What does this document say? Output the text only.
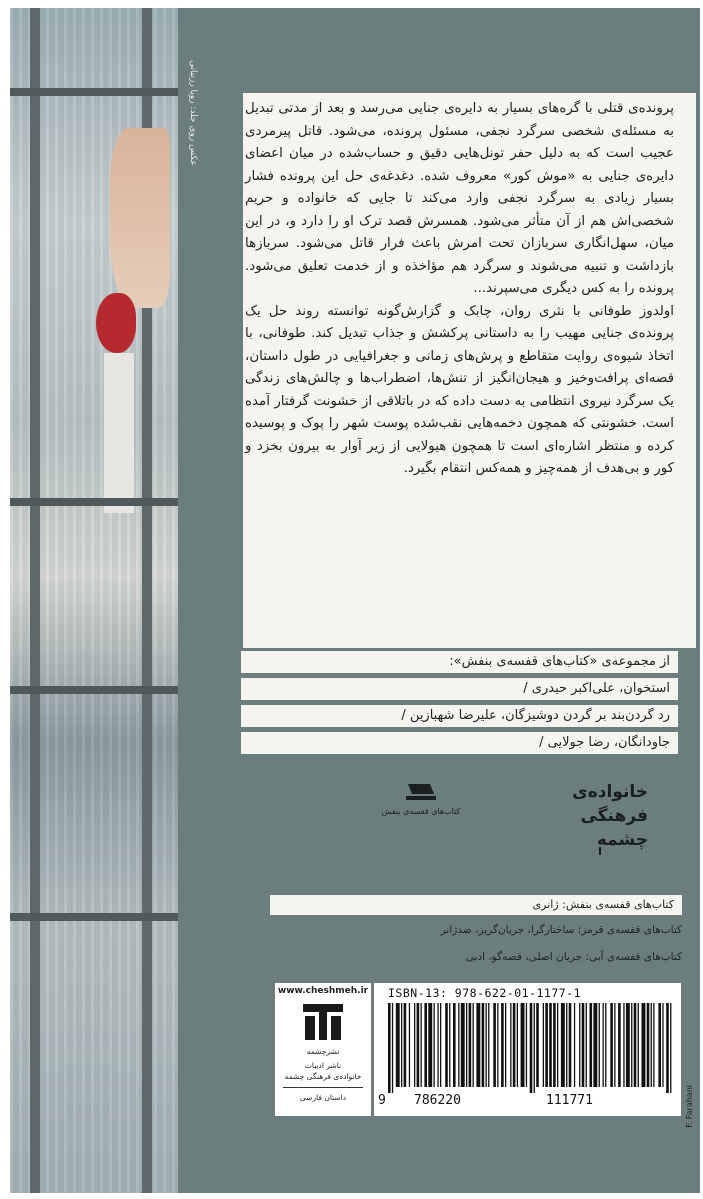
عکس روی جلد: رویا رزنیانی	پرونده‌ی قتلی با گره‌های بسیار به دایره‌ی جنایی می‌رسد و بعد از مدتی تبدیل به مسئله‌ی شخصی سرگرد نجفی، مسئول پرونده، می‌شود. قاتل پیرمردی عجیب است که به دلیل حفر تونل‌هایی دقیق و حساب‌شده در میان اعضای دایره‌ی جنایی به «موش کور» معروف شده. دغدغه‌ی حل این پرونده فشار بسیار زیادی به سرگرد نجفی وارد می‌کند تا جایی که خانواده و حریم شخصی‌اش هم از آن متأثر می‌شود. همسرش قصد ترک او را دارد و، در این میان، سهل‌انگاری سربازان تحت امرش باعث فرار قاتل می‌شود. سربازها بازداشت و تنبیه می‌شوند و سرگرد هم مؤاخذه و از خدمت تعلیق می‌شود. پرونده را به کس دیگری می‌سپرند...

اولدوز طوفانی با نثری روان، چابک و گزارش‌گونه توانسته روند حل یک پرونده‌ی جنایی مهیب را به داستانی پرکشش و جذاب تبدیل کند. طوفانی، با اتخاذ شیوه‌ی روایت متقاطع و پرش‌های زمانی و جغرافیایی در طول داستان، قصه‌ای پرافت‌وخیز و هیجان‌انگیز از تنش‌ها، اضطراب‌ها و چالش‌های زندگی یک سرگرد نیروی انتظامی به دست داده که در باتلاقی از خشونت گرفتار آمده است. خشونتی که همچون دخمه‌هایی نقب‌شده پوست شهر را پوک و پوسیده کرده و منتظر اشاره‌ای است تا همچون هیولایی از زیر آوار به بیرون بخزد و کور و بی‌هدف از همه‌چیز و همه‌کس انتقام بگیرد.

از مجموعه‌ی «کتاب‌های قفسه‌ی بنفش»:
استخوان، علی‌اکبر حیدری /
رد گردن‌بند بر گردن دوشیزگان، علیرضا شهبازین /
جاودانگان، رضا جولایی /
خانواده‌ی
فرهنگی
چشمه
کتاب‌های قفسه‌ی بنفش
کتاب‌های قفسه‌ی بنفش: ژانری
کتاب‌های قفسه‌ی قرمز: ساختارگرا، جریان‌گریز، ضدژانر
کتاب‌های قفسه‌ی آبی: جریان اصلی، قصه‌گو، ادبی
www.cheshmeh.ir
نشرچشمه
ناشر ادبیات
خانواده‌ی فرهنگی چشمه
داستان فارسی
ISBN-13: 978-622-01-1177-1
9 786220	111771	F. Farahani
